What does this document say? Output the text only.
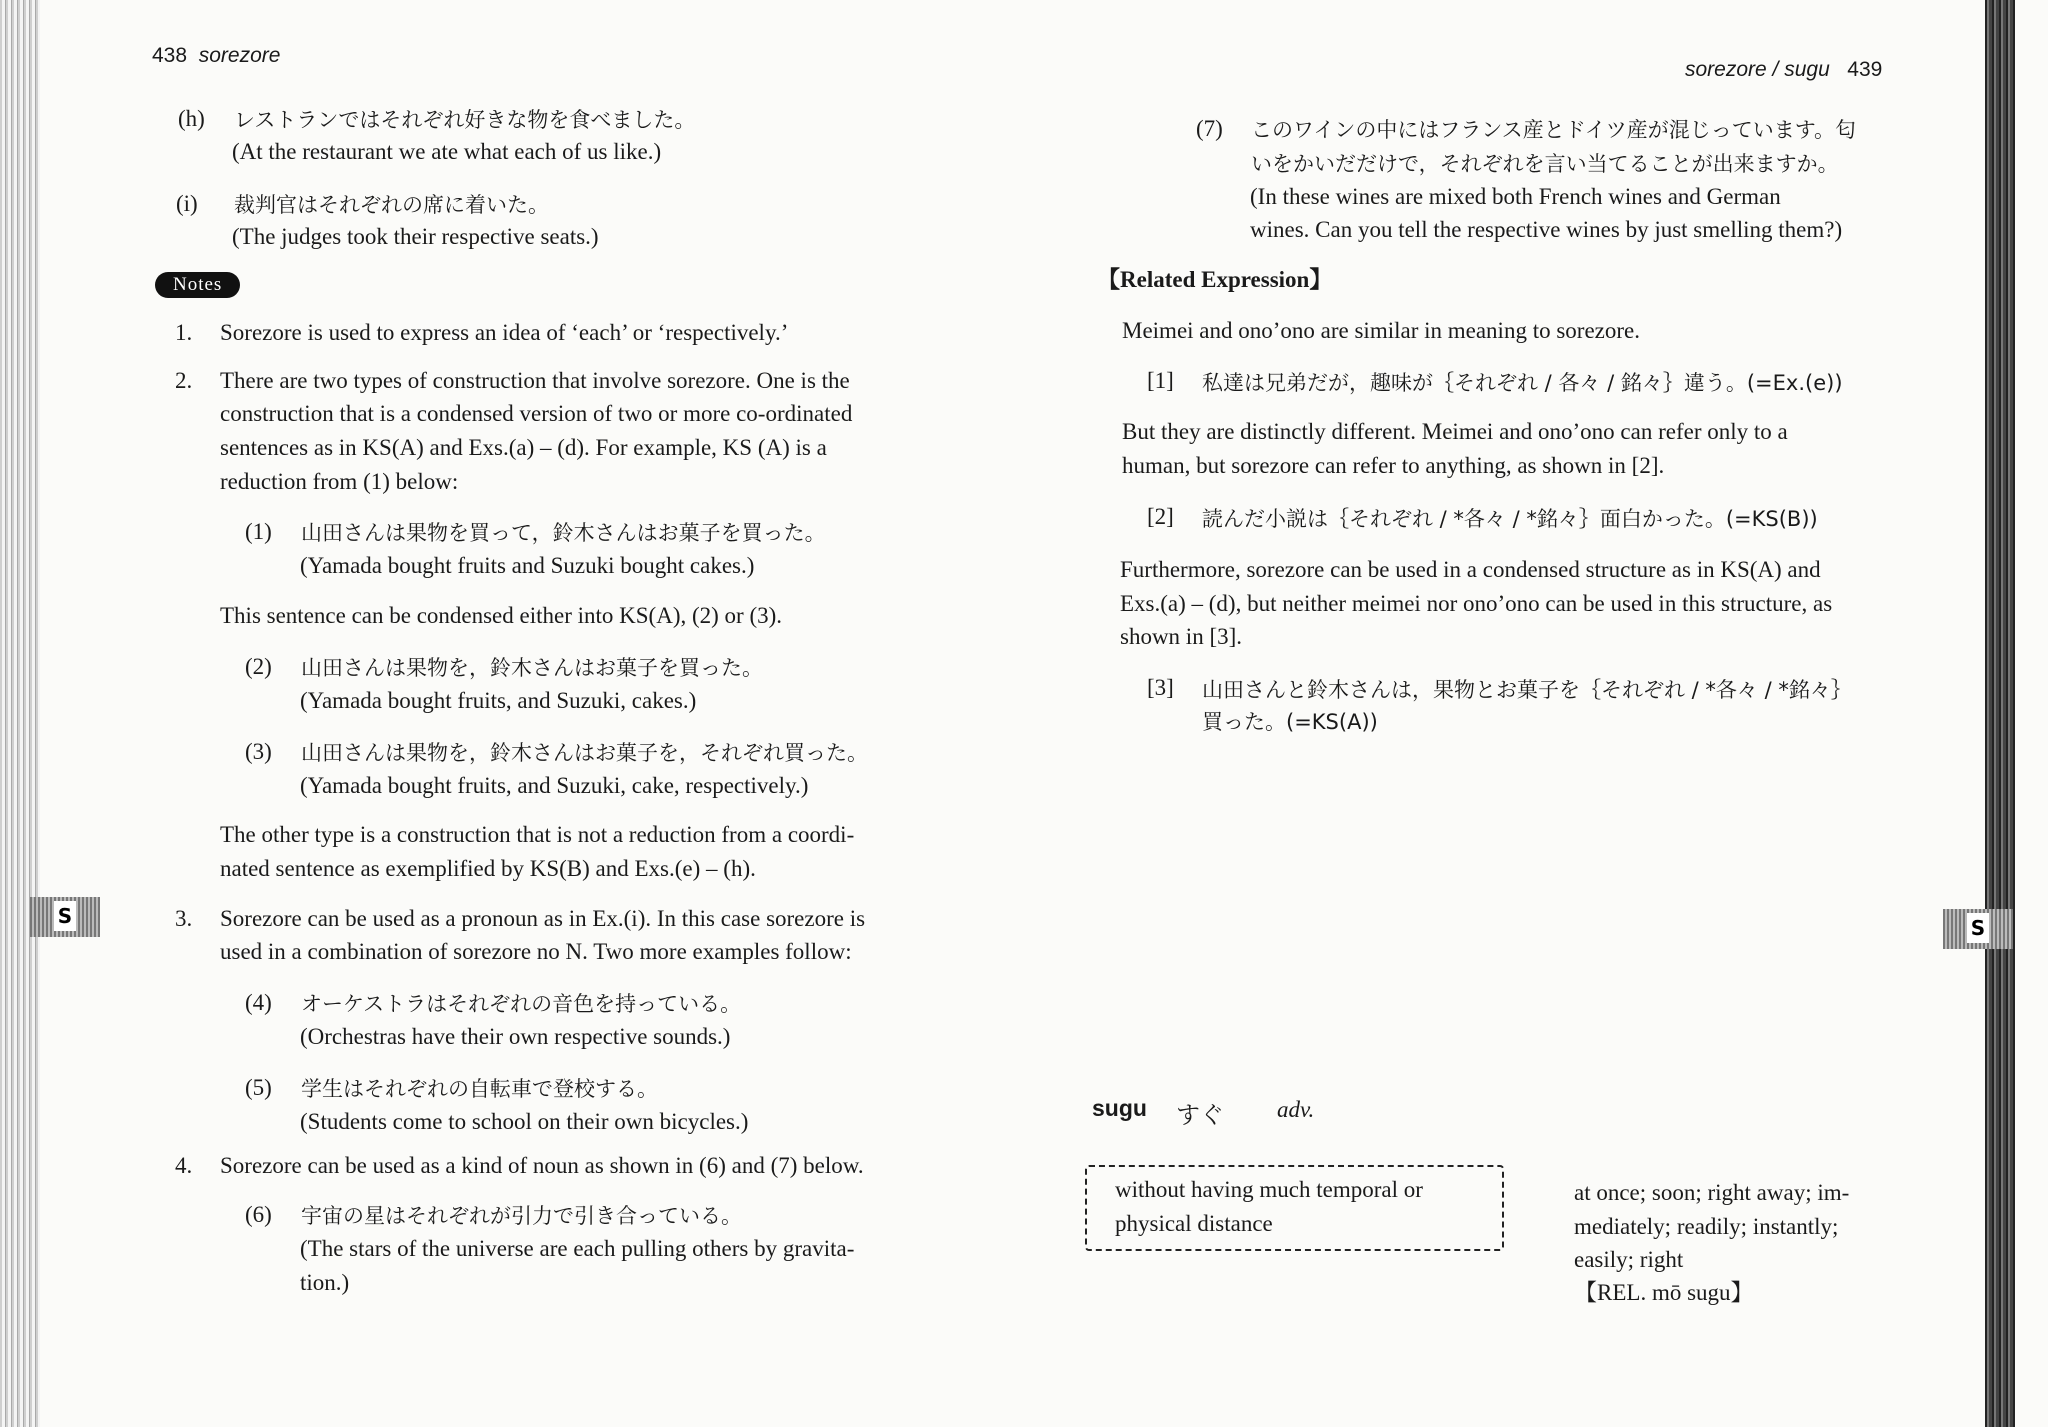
438 sorezore
(h) レストランではそれぞれ好きな物を食べました。
(At the restaurant we ate what each of us like.)
(i) 裁判官はそれぞれの席に着いた。
(The judges took their respective seats.)
Notes
1. Sorezore is used to express an idea of ‘each’ or ‘respectively.’
2. There are two types of construction that involve sorezore. One is the
construction that is a condensed version of two or more co-ordinated
sentences as in KS(A) and Exs.(a) – (d). For example, KS (A) is a
reduction from (1) below:
(1) 山田さんは果物を買って，鈴木さんはお菓子を買った。
(Yamada bought fruits and Suzuki bought cakes.)
This sentence can be condensed either into KS(A), (2) or (3).
(2) 山田さんは果物を，鈴木さんはお菓子を買った。
(Yamada bought fruits, and Suzuki, cakes.)
(3) 山田さんは果物を，鈴木さんはお菓子を，それぞれ買った。
(Yamada bought fruits, and Suzuki, cake, respectively.)
The other type is a construction that is not a reduction from a coordi-
nated sentence as exemplified by KS(B) and Exs.(e) – (h).
S	3. Sorezore can be used as a pronoun as in Ex.(i). In this case sorezore is
used in a combination of sorezore no N. Two more examples follow:
(4) オーケストラはそれぞれの音色を持っている。
(Orchestras have their own respective sounds.)
(5) 学生はそれぞれの自転車で登校する。
(Students come to school on their own bicycles.)
4. Sorezore can be used as a kind of noun as shown in (6) and (7) below.
(6) 宇宙の星はそれぞれが引力で引き合っている。
(The stars of the universe are each pulling others by gravita-
tion.)
sorezore / sugu 439
(7) このワインの中にはフランス産とドイツ産が混じっています。匂
いをかいだだけで，それぞれを言い当てることが出来ますか。
(In these wines are mixed both French wines and German
wines. Can you tell the respective wines by just smelling them?)
【Related Expression】
Meimei and ono’ono are similar in meaning to sorezore.
[1] 私達は兄弟だが，趣味が｛それぞれ / 各々 / 銘々｝違う。(=Ex.(e))
But they are distinctly different. Meimei and ono’ono can refer only to a
human, but sorezore can refer to anything, as shown in [2].
[2] 読んだ小説は｛それぞれ / *各々 / *銘々｝面白かった。(=KS(B))
Furthermore, sorezore can be used in a condensed structure as in KS(A) and
Exs.(a) – (d), but neither meimei nor ono’ono can be used in this structure, as
shown in [3].
[3] 山田さんと鈴木さんは，果物とお菓子を｛それぞれ / *各々 / *銘々｝
買った。(=KS(A))
S
sugu すぐ adv.
without having much temporal or
physical distance
at once; soon; right away; im-
mediately; readily; instantly;
easily; right
【REL. mō sugu】
